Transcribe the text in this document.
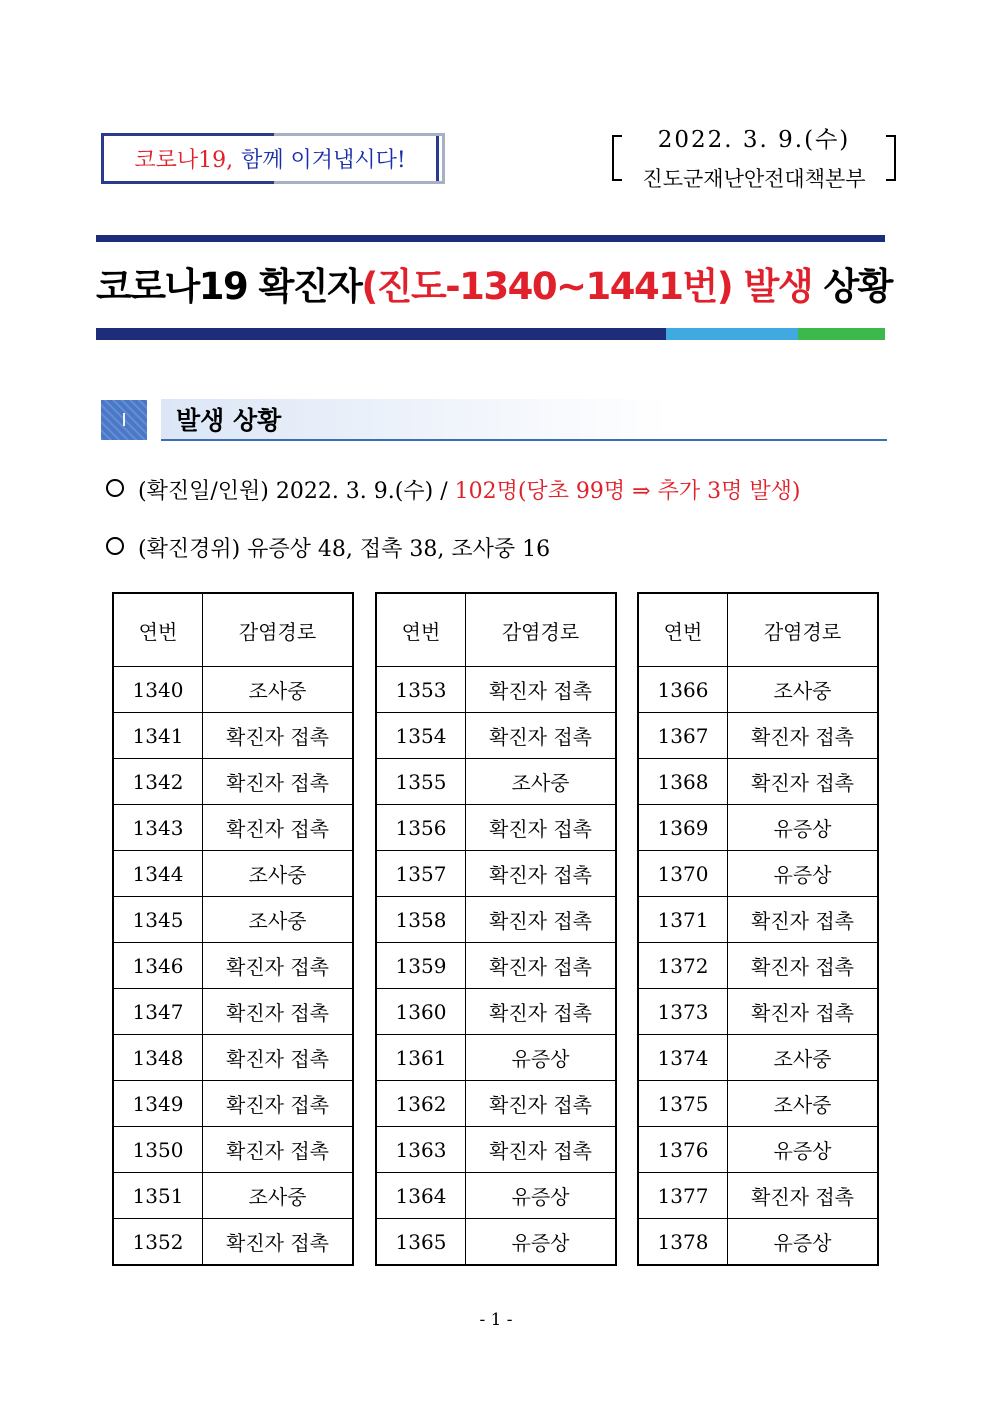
코로나19, 함께 이겨냅시다!
2022. 3. 9.(수)
진도군재난안전대책본부
코로나19 확진자(진도-1340~1441번) 발생 상황
I 발생 상황
(확진일/인원) 2022. 3. 9.(수) / 102명(당초 99명 ⇒ 추가 3명 발생)
(확진경위) 유증상 48, 접촉 38, 조사중 16
연번	감염경로
1340	조사중
1341	확진자 접촉
1342	확진자 접촉
1343	확진자 접촉
1344	조사중
1345	조사중
1346	확진자 접촉
1347	확진자 접촉
1348	확진자 접촉
1349	확진자 접촉
1350	확진자 접촉
1351	조사중
1352	확진자 접촉
연번	감염경로
1353	확진자 접촉
1354	확진자 접촉
1355	조사중
1356	확진자 접촉
1357	확진자 접촉
1358	확진자 접촉
1359	확진자 접촉
1360	확진자 접촉
1361	유증상
1362	확진자 접촉
1363	확진자 접촉
1364	유증상
1365	유증상
연번	감염경로
1366	조사중
1367	확진자 접촉
1368	확진자 접촉
1369	유증상
1370	유증상
1371	확진자 접촉
1372	확진자 접촉
1373	확진자 접촉
1374	조사중
1375	조사중
1376	유증상
1377	확진자 접촉
1378	유증상
- 1 -
